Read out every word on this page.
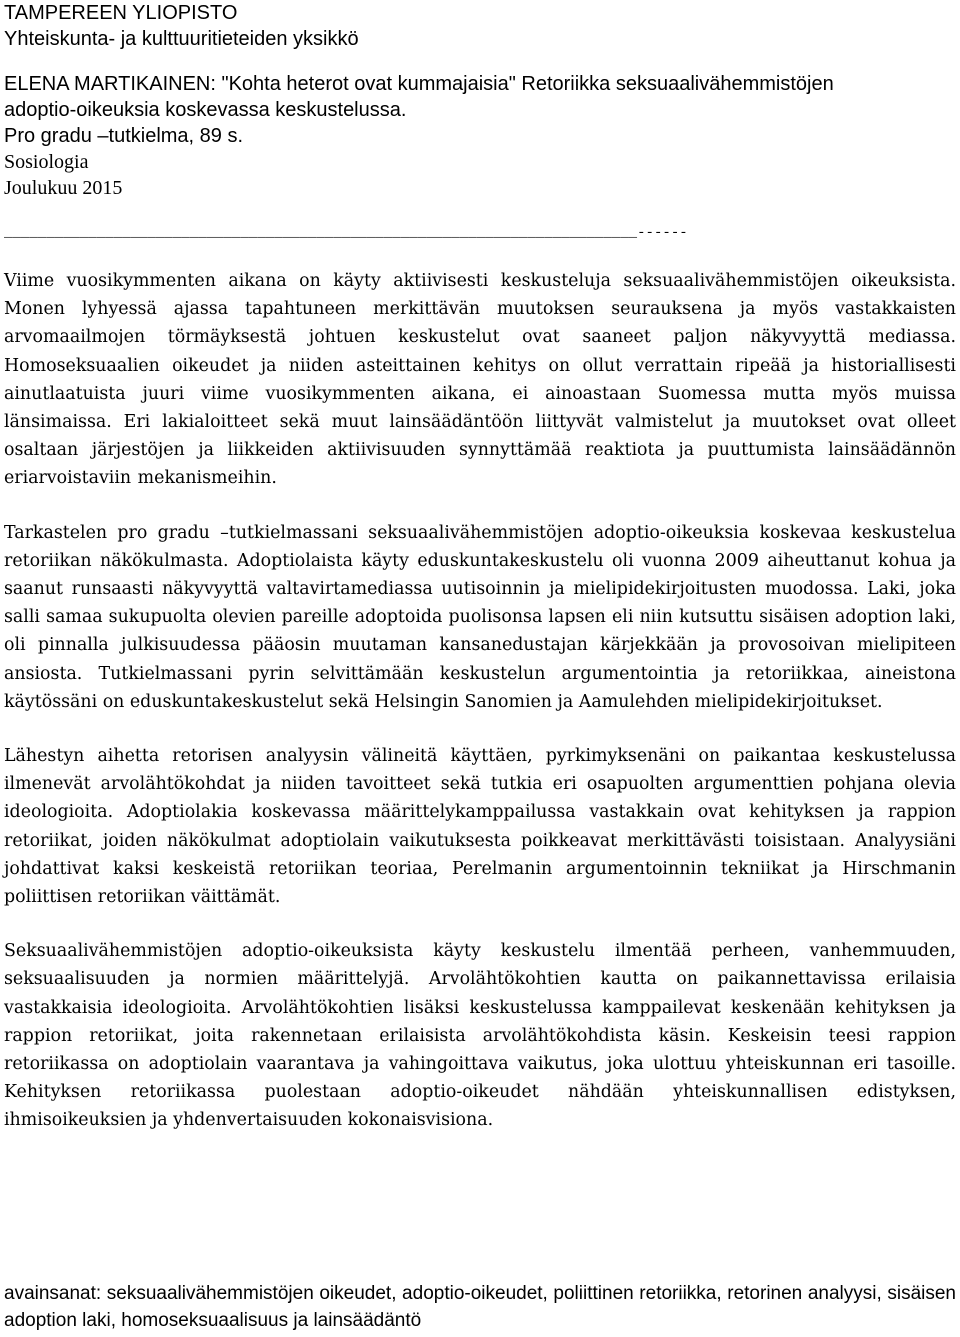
TAMPEREEN YLIOPISTO
Yhteiskunta- ja kulttuuritieteiden yksikkö
ELENA MARTIKAINEN: "Kohta heterot ovat kummajaisia" Retoriikka seksuaalivähemmistöjen
adoptio-oikeuksia koskevassa keskustelussa.
Pro gradu –tutkielma, 89 s.
Sosiologia
Joulukuu 2015
___________________________________________________________________________------

Viime vuosikymmenten aikana on käyty aktiivisesti keskusteluja seksuaalivähemmistöjen oikeuksista. Monen lyhyessä ajassa tapahtuneen merkittävän muutoksen seurauksena ja myös vastakkaisten arvomaailmojen törmäyksestä johtuen keskustelut ovat saaneet paljon näkyvyyttä mediassa. Homoseksuaalien oikeudet ja niiden asteittainen kehitys on ollut verrattain ripeää ja historiallisesti ainutlaatuista juuri viime vuosikymmenten aikana, ei ainoastaan Suomessa mutta myös muissa länsimaissa. Eri lakialoitteet sekä muut lainsäädäntöön liittyvät valmistelut ja muutokset ovat olleet osaltaan järjestöjen ja liikkeiden aktiivisuuden synnyttämää reaktiota ja puuttumista lainsäädännön eriarvoistaviin mekanismeihin.

Tarkastelen pro gradu –tutkielmassani seksuaalivähemmistöjen adoptio-oikeuksia koskevaa keskustelua retoriikan näkökulmasta. Adoptiolaista käyty eduskuntakeskustelu oli vuonna 2009 aiheuttanut kohua ja saanut runsaasti näkyvyyttä valtavirtamediassa uutisoinnin ja mielipidekirjoitusten muodossa. Laki, joka salli samaa sukupuolta olevien pareille adoptoida puolisonsa lapsen eli niin kutsuttu sisäisen adoption laki, oli pinnalla julkisuudessa pääosin muutaman kansanedustajan kärjekkään ja provosoivan mielipiteen ansiosta. Tutkielmassani pyrin selvittämään keskustelun argumentointia ja retoriikkaa, aineistona käytössäni on eduskuntakeskustelut sekä Helsingin Sanomien ja Aamulehden mielipidekirjoitukset.

Lähestyn aihetta retorisen analyysin välineitä käyttäen, pyrkimyksenäni on paikantaa keskustelussa ilmenevät arvolähtökohdat ja niiden tavoitteet sekä tutkia eri osapuolten argumenttien pohjana olevia ideologioita. Adoptiolakia koskevassa määrittelykamppailussa vastakkain ovat kehityksen ja rappion retoriikat, joiden näkökulmat adoptiolain vaikutuksesta poikkeavat merkittävästi toisistaan. Analyysiäni johdattivat kaksi keskeistä retoriikan teoriaa, Perelmanin argumentoinnin tekniikat ja Hirschmanin poliittisen retoriikan väittämät.

Seksuaalivähemmistöjen adoptio-oikeuksista käyty keskustelu ilmentää perheen, vanhemmuuden, seksuaalisuuden ja normien määrittelyjä. Arvolähtökohtien kautta on paikannettavissa erilaisia vastakkaisia ideologioita. Arvolähtökohtien lisäksi keskustelussa kamppailevat keskenään kehityksen ja rappion retoriikat, joita rakennetaan erilaisista arvolähtökohdista käsin. Keskeisin teesi rappion retoriikassa on adoptiolain vaarantava ja vahingoittava vaikutus, joka ulottuu yhteiskunnan eri tasoille. Kehityksen retoriikassa puolestaan adoptio-oikeudet nähdään yhteiskunnallisen edistyksen, ihmisoikeuksien ja yhdenvertaisuuden kokonaisvisiona.

avainsanat: seksuaalivähemmistöjen oikeudet, adoptio-oikeudet, poliittinen retoriikka, retorinen analyysi, sisäisen adoption laki, homoseksuaalisuus ja lainsäädäntö
